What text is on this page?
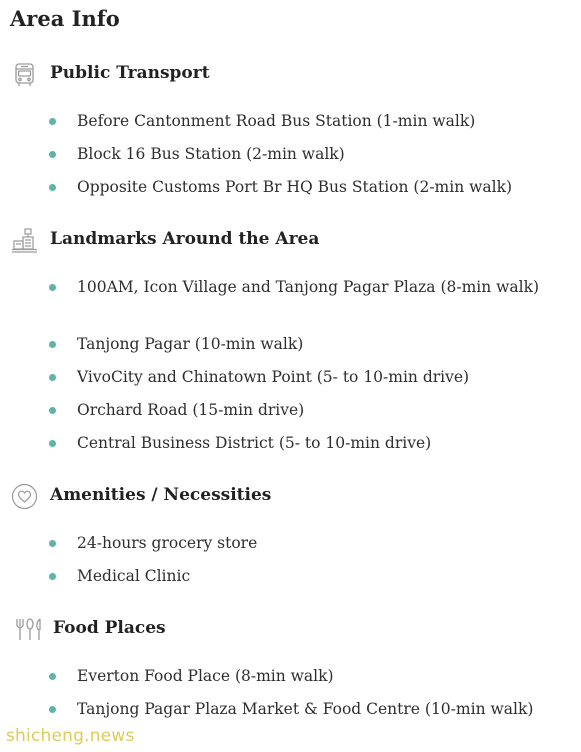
Area Info
Public Transport
Before Cantonment Road Bus Station (1-min walk)
Block 16 Bus Station (2-min walk)
Opposite Customs Port Br HQ Bus Station (2-min walk)
Landmarks Around the Area
100AM, Icon Village and Tanjong Pagar Plaza (8-min walk)
Tanjong Pagar (10-min walk)
VivoCity and Chinatown Point (5- to 10-min drive)
Orchard Road (15-min drive)
Central Business District (5- to 10-min drive)
Amenities / Necessities
24-hours grocery store
Medical Clinic
Food Places
Everton Food Place (8-min walk)
Tanjong Pagar Plaza Market & Food Centre (10-min walk)
shicheng.news
